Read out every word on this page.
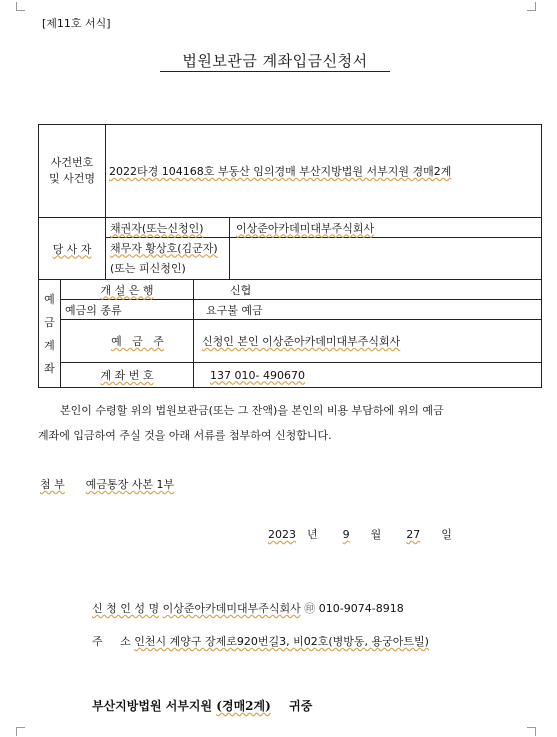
[제11호 서식]
법원보관금 계좌입금신청서
사건번호
및 사건명		2022타경 104168호 부동산 임의경매 부산지방법원 서부지원 경매2계		
당 사 자		채권자(또는신청인)		이상준아카데미대부주식회사

		채무자 황상호(김군자)
(또는 피신청인)		

예
금
계
좌	개 설 은 행		신협	
	예금의 종류		요구불 예금	

예   금   주		신청인 본인 이상준아카데미대부주식회사	
	계 좌 번 호		137 010- 490670	
본인이 수령할 위의 법원보관금(또는 그 잔액)을 본인의 비용 부담하에 위의 예금
계좌에 입금하여 주실 것을 아래 서류를 첨부하여 신청합니다.
첨 부 예금통장 사본 1부
2023 년 9 월 27 일
신 청 인 성 명 이상준아카데미대부주식회사 ㊞ 010-9074-8918
주     소 인천시 계양구 장제로920번길3, 비02호(병방동, 용궁아트빌)
부산지방법원 서부지원 (경매2계) 귀중
